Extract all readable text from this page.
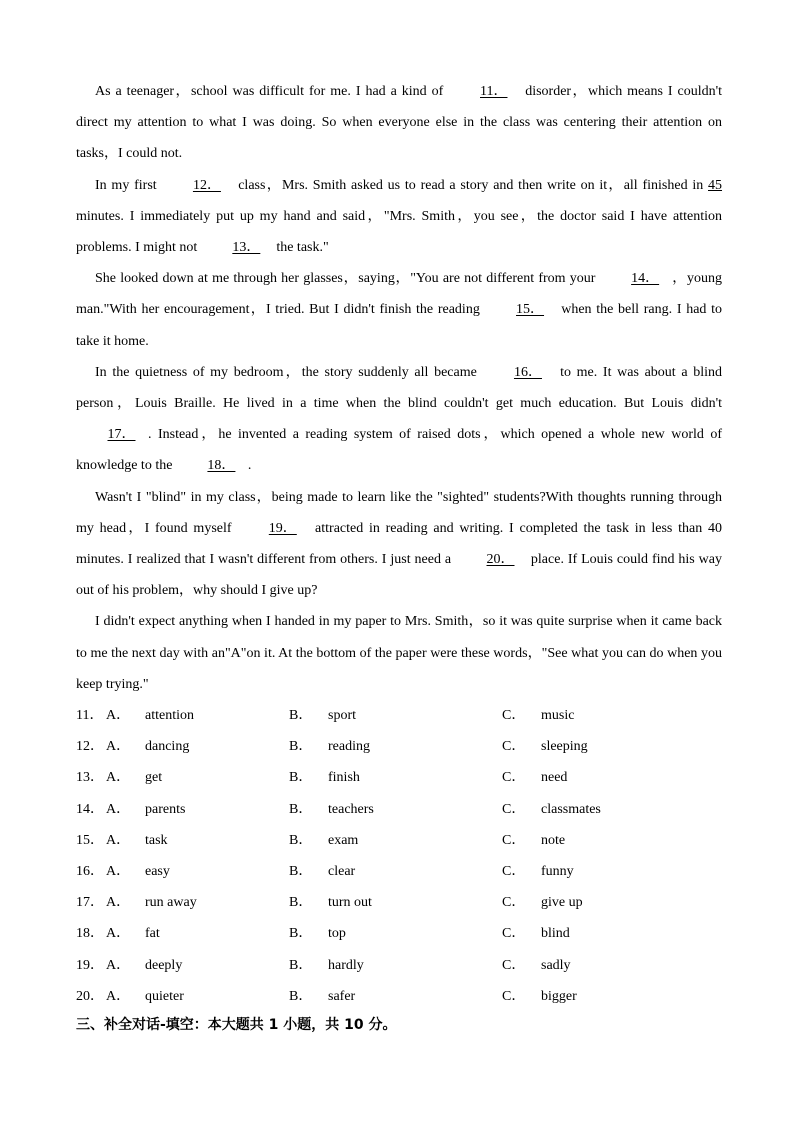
As a teenager，school was difficult for me. I had a kind of 11． disorder，which means I couldn't direct my attention to what I was doing. So when everyone else in the class was centering their attention on tasks，I could not.

In my first 12． class，Mrs. Smith asked us to read a story and then write on it，all finished in 45 minutes. I immediately put up my hand and said，"Mrs. Smith，you see，the doctor said I have attention problems. I might not 13． the task."

She looked down at me through her glasses，saying，"You are not different from your 14． ，young man."With her encouragement，I tried. But I didn't finish the reading 15． when the bell rang. I had to take it home.

In the quietness of my bedroom，the story suddenly all became 16． to me. It was about a blind person，Louis Braille. He lived in a time when the blind couldn't get much education. But Louis didn't 17． . Instead，he invented a reading system of raised dots，which opened a whole new world of knowledge to the 18． .

Wasn't I "blind" in my class，being made to learn like the "sighted" students?With thoughts running through my head，I found myself 19． attracted in reading and writing. I completed the task in less than 40 minutes. I realized that I wasn't different from others. I just need a 20． place. If Louis could find his way out of his problem，why should I give up?

I didn't expect anything when I handed in my paper to Mrs. Smith，so it was quite surprise when it came back to me the next day with an"A"on it. At the bottom of the paper were these words，"See what you can do when you keep trying."

11． A． attention	B． sport	C． music
12． A． dancing	B． reading	C． sleeping
13． A． get	B． finish	C． need
14． A． parents	B． teachers	C． classmates
15． A． task	B． exam	C． note
16． A． easy	B． clear	C． funny
17． A． run away	B． turn out	C． give up
18． A． fat	B． top	C． blind
19． A． deeply	B． hardly	C． sadly
20． A． quieter	B． safer	C． bigger
三、补全对话-填空：本大题共 1 小题，共 10 分。
